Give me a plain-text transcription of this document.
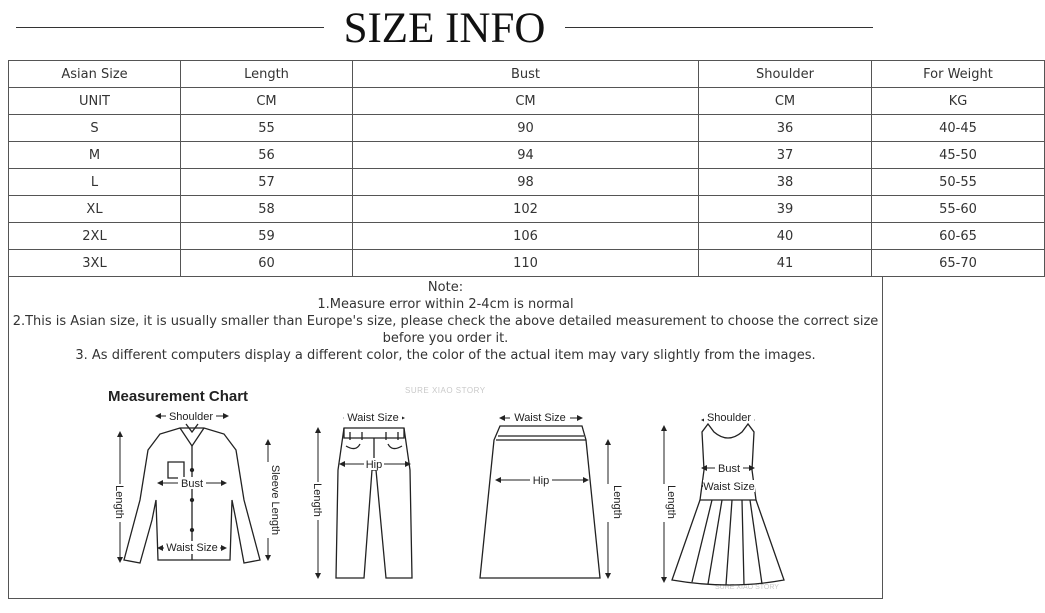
SIZE INFO
Asian Size	Length	Bust	Shoulder	For Weight
UNIT	CM	CM	CM	KG
S	55	90	36	40-45
M	56	94	37	45-50
L	57	98	38	50-55
XL	58	102	39	55-60
2XL	59	106	40	60-65
3XL	60	110	41	65-70
Note:
1.Measure error within 2-4cm is normal
2.This is Asian size, it is usually smaller than Europe's size, please check the above detailed measurement to choose the correct size before you order it.
3. As different computers display a different color, the color of the actual item may vary slightly from the images.
Measurement Chart	SURE XIAO STORY
SURE XIAO STORY
Shoulder
Bust
Waist Size
Length	Sleeve Length
Waist Size
Hip
Length
Waist Size
Hip
Length
Shoulder
Bust
Waist Size
Length
